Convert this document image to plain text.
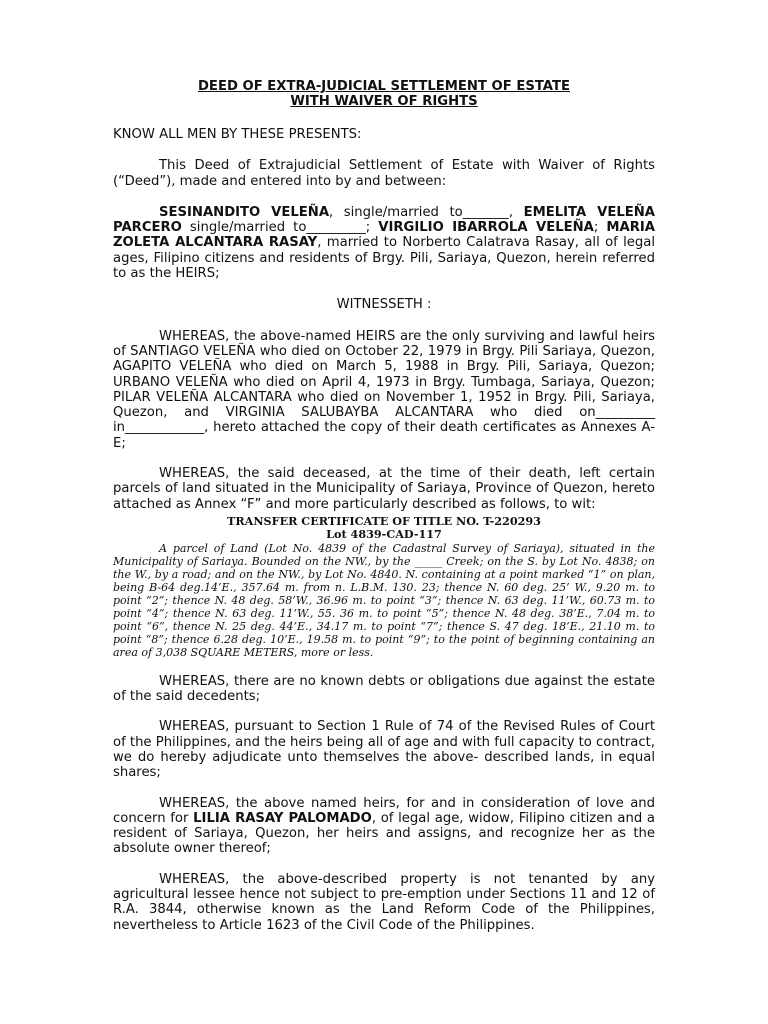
DEED OF EXTRA-JUDICIAL SETTLEMENT OF ESTATE

WITH WAIVER OF RIGHTS

KNOW ALL MEN BY THESE PRESENTS:

This Deed of Extrajudicial Settlement of Estate with Waiver of Rights (“Deed”), made and entered into by and between:

SESINANDITO VELEÑA, single/married to_______, EMELITA VELEÑA PARCERO single/married to_________; VIRGILIO IBARROLA VELEÑA; MARIA ZOLETA ALCANTARA RASAY, married to Norberto Calatrava Rasay, all of legal ages, Filipino citizens and residents of Brgy. Pili, Sariaya, Quezon, herein referred to as the HEIRS;

WITNESSETH :

WHEREAS, the above-named HEIRS are the only surviving and lawful heirs of SANTIAGO VELEÑA who died on October 22, 1979 in Brgy. Pili Sariaya, Quezon, AGAPITO VELEÑA who died on March 5, 1988 in Brgy. Pili, Sariaya, Quezon; URBANO VELEÑA who died on April 4, 1973 in Brgy. Tumbaga, Sariaya, Quezon; PILAR VELEÑA ALCANTARA who died on November 1, 1952 in Brgy. Pili, Sariaya, Quezon, and VIRGINIA SALUBAYBA ALCANTARA who died on_________ in____________, hereto attached the copy of their death certificates as Annexes A-E;

WHEREAS, the said deceased, at the time of their death, left certain parcels of land situated in the Municipality of Sariaya, Province of Quezon, hereto attached as Annex “F” and more particularly described as follows, to wit:

TRANSFER CERTIFICATE OF TITLE NO. T-220293
Lot 4839-CAD-117

A parcel of Land (Lot No. 4839 of the Cadastral Survey of Sariaya), situated in the Municipality of Sariaya. Bounded on the NW., by the _____ Creek; on the S. by Lot No. 4838; on the W., by a road; and on the NW., by Lot No. 4840. N. containing at a point marked “1” on plan, being B-64 deg.14’E., 357.64 m. from n. L.B.M. 130. 23; thence N. 60 deg. 25’ W., 9.20 m. to point “2”; thence N. 48 deg. 58’W., 36.96 m. to point “3”; thence N. 63 deg. 11’W., 60.73 m. to point “4”; thence N. 63 deg. 11’W., 55. 36 m. to point “5”; thence N. 48 deg. 38’E., 7.04 m. to point “6”, thence N. 25 deg. 44’E., 34.17 m. to point “7”; thence S. 47 deg. 18’E., 21.10 m. to point “8”; thence 6.28 deg. 10’E., 19.58 m. to point “9”; to the point of beginning containing an area of 3,038 SQUARE METERS, more or less.

WHEREAS, there are no known debts or obligations due against the estate of the said decedents;

WHEREAS, pursuant to Section 1 Rule of 74 of the Revised Rules of Court of the Philippines, and the heirs being all of age and with full capacity to contract, we do hereby adjudicate unto themselves the above- described lands, in equal shares;

WHEREAS, the above named heirs, for and in consideration of love and concern for LILIA RASAY PALOMADO, of legal age, widow, Filipino citizen and a resident of Sariaya, Quezon, her heirs and assigns, and recognize her as the absolute owner thereof;

WHEREAS, the above-described property is not tenanted by any agricultural lessee hence not subject to pre-emption under Sections 11 and 12 of R.A. 3844, otherwise known as the Land Reform Code of the Philippines, nevertheless to Article 1623 of the Civil Code of the Philippines.
